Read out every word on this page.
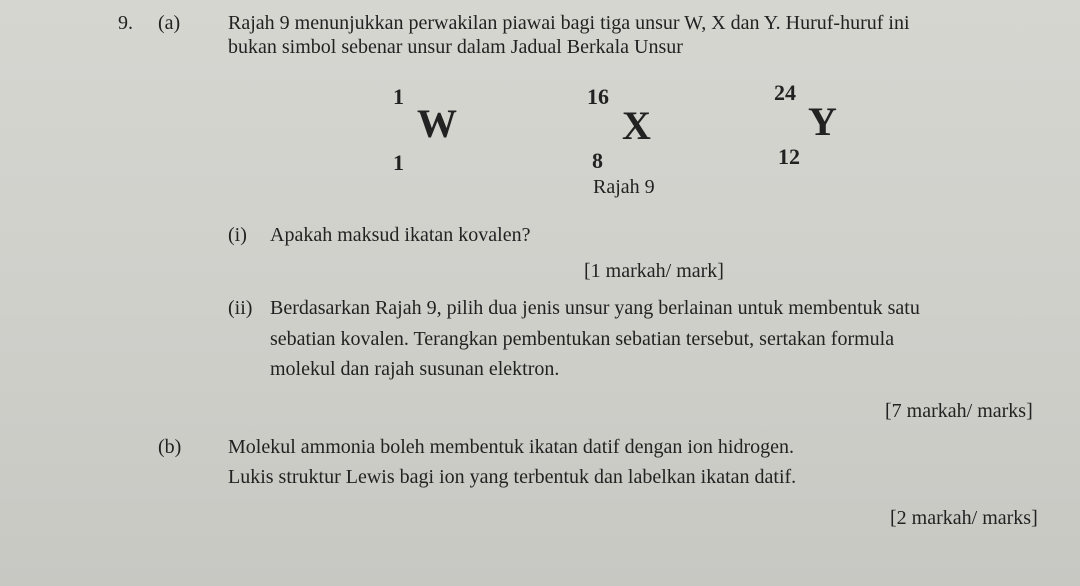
9. (a) Rajah 9 menunjukkan perwakilan piawai bagi tiga unsur W, X dan Y. Huruf-huruf ini
bukan simbol sebenar unsur dalam Jadual Berkala Unsur
1
W
1
16
X
8
24
Y
12
Rajah 9
(i) Apakah maksud ikatan kovalen?
[1 markah/ mark]
(ii) Berdasarkan Rajah 9, pilih dua jenis unsur yang berlainan untuk membentuk satu
sebatian kovalen. Terangkan pembentukan sebatian tersebut, sertakan formula
molekul dan rajah susunan elektron.
[7 markah/ marks]
(b) Molekul ammonia boleh membentuk ikatan datif dengan ion hidrogen.
Lukis struktur Lewis bagi ion yang terbentuk dan labelkan ikatan datif.
[2 markah/ marks]
